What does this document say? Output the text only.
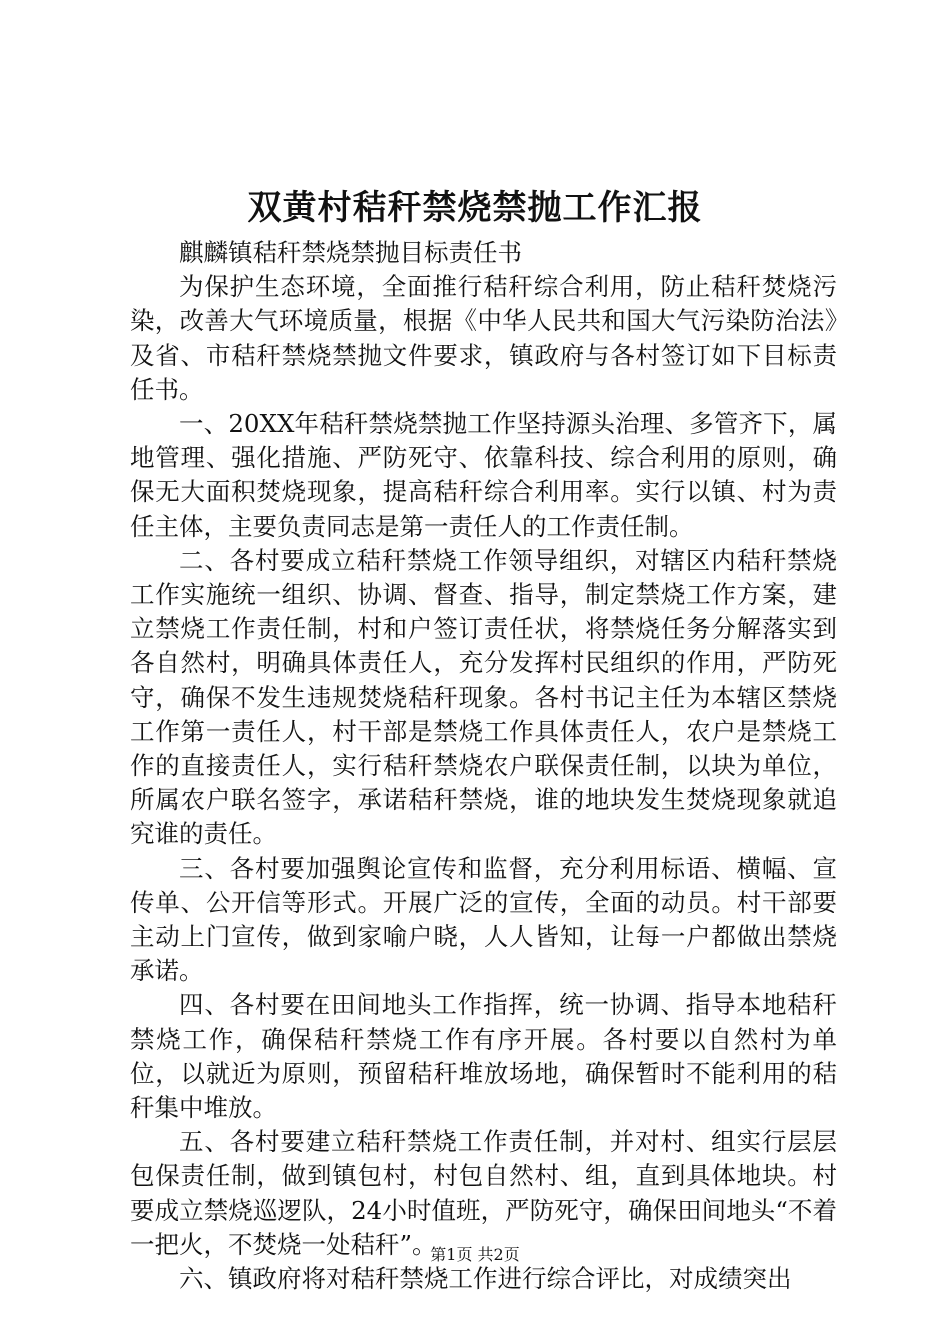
双黄村秸秆禁烧禁抛工作汇报

麒麟镇秸秆禁烧禁抛目标责任书

为保护生态环境，全面推行秸秆综合利用，防止秸秆焚烧污染，改善大气环境质量，根据《中华人民共和国大气污染防治法》及省、市秸秆禁烧禁抛文件要求，镇政府与各村签订如下目标责任书。

一、20XX年秸秆禁烧禁抛工作坚持源头治理、多管齐下，属地管理、强化措施、严防死守、依靠科技、综合利用的原则，确保无大面积焚烧现象，提高秸秆综合利用率。实行以镇、村为责任主体，主要负责同志是第一责任人的工作责任制。

二、各村要成立秸秆禁烧工作领导组织，对辖区内秸秆禁烧工作实施统一组织、协调、督查、指导，制定禁烧工作方案，建立禁烧工作责任制，村和户签订责任状，将禁烧任务分解落实到各自然村，明确具体责任人，充分发挥村民组织的作用，严防死守，确保不发生违规焚烧秸秆现象。各村书记主任为本辖区禁烧工作第一责任人，村干部是禁烧工作具体责任人，农户是禁烧工作的直接责任人，实行秸秆禁烧农户联保责任制，以块为单位，所属农户联名签字，承诺秸秆禁烧，谁的地块发生焚烧现象就追究谁的责任。

三、各村要加强舆论宣传和监督，充分利用标语、横幅、宣传单、公开信等形式。开展广泛的宣传，全面的动员。村干部要主动上门宣传，做到家喻户晓，人人皆知，让每一户都做出禁烧承诺。

四、各村要在田间地头工作指挥，统一协调、指导本地秸秆禁烧工作，确保秸秆禁烧工作有序开展。各村要以自然村为单位，以就近为原则，预留秸秆堆放场地，确保暂时不能利用的秸秆集中堆放。

五、各村要建立秸秆禁烧工作责任制，并对村、组实行层层包保责任制，做到镇包村，村包自然村、组，直到具体地块。村要成立禁烧巡逻队，24小时值班，严防死守，确保田间地头“不着一把火，不焚烧一处秸秆”。

六、镇政府将对秸秆禁烧工作进行综合评比，对成绩突出

第1页 共2页
